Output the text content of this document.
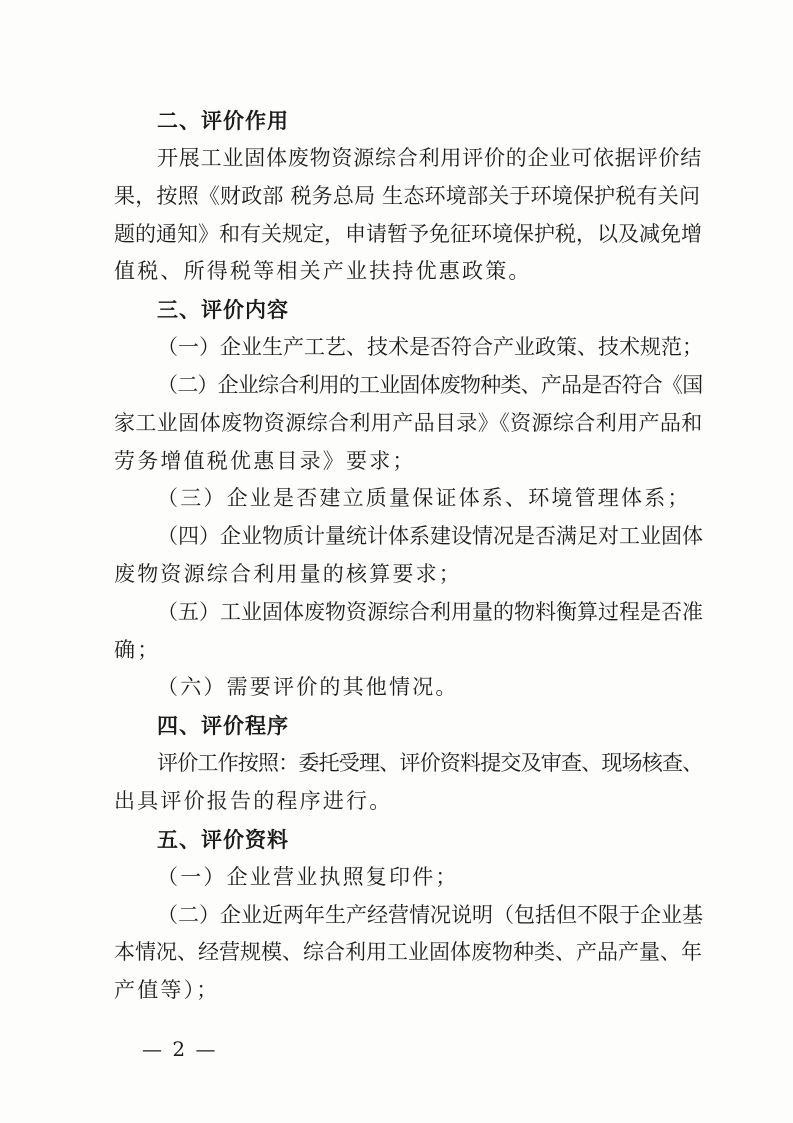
二、评价作用
开展工业固体废物资源综合利用评价的企业可依据评价结
果，按照《财政部 税务总局 生态环境部关于环境保护税有关问
题的通知》和有关规定，申请暂予免征环境保护税，以及减免增
值税、所得税等相关产业扶持优惠政策。
三、评价内容
（一）企业生产工艺、技术是否符合产业政策、技术规范；
（二）企业综合利用的工业固体废物种类、产品是否符合《国
家工业固体废物资源综合利用产品目录》《资源综合利用产品和
劳务增值税优惠目录》要求；
（三）企业是否建立质量保证体系、环境管理体系；
（四）企业物质计量统计体系建设情况是否满足对工业固体
废物资源综合利用量的核算要求；
（五）工业固体废物资源综合利用量的物料衡算过程是否准
确；
（六）需要评价的其他情况。
四、评价程序
评价工作按照：委托受理、评价资料提交及审查、现场核查、
出具评价报告的程序进行。
五、评价资料
（一）企业营业执照复印件；
（二）企业近两年生产经营情况说明（包括但不限于企业基
本情况、经营规模、综合利用工业固体废物种类、产品产量、年
产值等）；
— 2 —
